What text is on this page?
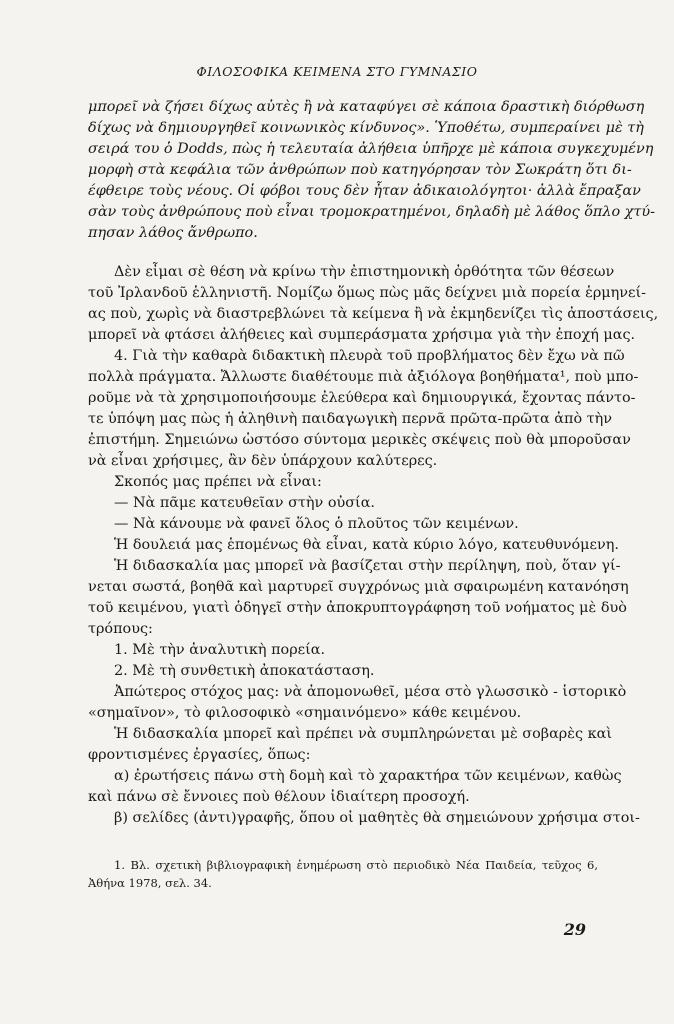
ΦΙΛΟΣΟΦΙΚΑ ΚΕΙΜΕΝΑ ΣΤΟ ΓΥΜΝΑΣΙΟ
μπορεῖ νὰ ζήσει δίχως αὐτὲς ἢ νὰ καταφύγει σὲ κάποια δραστικὴ διόρθωση
δίχως νὰ δημιουργηθεῖ κοινωνικὸς κίνδυνος». Ὑποθέτω, συμπεραίνει μὲ τὴ
σειρά του ὁ Dodds, πὼς ἡ τελευταία ἀλήθεια ὑπῆρχε μὲ κάποια συγκεχυμένη
μορφὴ στὰ κεφάλια τῶν ἀνθρώπων ποὺ κατηγόρησαν τὸν Σωκράτη ὅτι δι-
έφθειρε τοὺς νέους. Οἱ φόβοι τους δὲν ἦταν ἀδικαιολόγητοι· ἀλλὰ ἔπραξαν
σὰν τοὺς ἀνθρώπους ποὺ εἶναι τρομοκρατημένοι, δηλαδὴ μὲ λάθος ὅπλο χτύ-
πησαν λάθος ἄνθρωπο.
Δὲν εἶμαι σὲ θέση νὰ κρίνω τὴν ἐπιστημονικὴ ὀρθότητα τῶν θέσεων
τοῦ Ἰρλανδοῦ ἑλληνιστῆ. Νομίζω ὅμως πὼς μᾶς δείχνει μιὰ πορεία ἑρμηνεί-
ας ποὺ, χωρὶς νὰ διαστρεβλώνει τὰ κείμενα ἢ νὰ ἐκμηδενίζει τὶς ἀποστάσεις,
μπορεῖ νὰ φτάσει ἀλήθειες καὶ συμπεράσματα χρήσιμα γιὰ τὴν ἐποχή μας.
4. Γιὰ τὴν καθαρὰ διδακτικὴ πλευρὰ τοῦ προβλήματος δὲν ἔχω νὰ πῶ
πολλὰ πράγματα. Ἄλλωστε διαθέτουμε πιὰ ἀξιόλογα βοηθήματα¹, ποὺ μπο-
ροῦμε νὰ τὰ χρησιμοποιήσουμε ἐλεύθερα καὶ δημιουργικά, ἔχοντας πάντο-
τε ὑπόψη μας πὼς ἡ ἀληθινὴ παιδαγωγικὴ περνᾶ πρῶτα-πρῶτα ἀπὸ τὴν
ἐπιστήμη. Σημειώνω ὡστόσο σύντομα μερικὲς σκέψεις ποὺ θὰ μποροῦσαν
νὰ εἶναι χρήσιμες, ἂν δὲν ὑπάρχουν καλύτερες.
Σκοπός μας πρέπει νὰ εἶναι:
— Νὰ πᾶμε κατευθεῖαν στὴν οὐσία.
— Νὰ κάνουμε νὰ φανεῖ ὅλος ὁ πλοῦτος τῶν κειμένων.
Ἡ δουλειά μας ἑπομένως θὰ εἶναι, κατὰ κύριο λόγο, κατευθυνόμενη.
Ἡ διδασκαλία μας μπορεῖ νὰ βασίζεται στὴν περίληψη, ποὺ, ὅταν γί-
νεται σωστά, βοηθᾶ καὶ μαρτυρεῖ συγχρόνως μιὰ σφαιρωμένη κατανόηση
τοῦ κειμένου, γιατὶ ὁδηγεῖ στὴν ἀποκρυπτογράφηση τοῦ νοήματος μὲ δυὸ
τρόπους:
1. Μὲ τὴν ἀναλυτικὴ πορεία.
2. Μὲ τὴ συνθετικὴ ἀποκατάσταση.
Ἀπώτερος στόχος μας: νὰ ἀπομονωθεῖ, μέσα στὸ γλωσσικὸ - ἱστορικὸ
«σημαῖνον», τὸ φιλοσοφικὸ «σημαινόμενο» κάθε κειμένου.
Ἡ διδασκαλία μπορεῖ καὶ πρέπει νὰ συμπληρώνεται μὲ σοβαρὲς καὶ
φροντισμένες ἐργασίες, ὅπως:
α) ἐρωτήσεις πάνω στὴ δομὴ καὶ τὸ χαρακτήρα τῶν κειμένων, καθὼς
καὶ πάνω σὲ ἔννοιες ποὺ θέλουν ἰδιαίτερη προσοχή.
β) σελίδες (ἀντι)γραφῆς, ὅπου οἱ μαθητὲς θὰ σημειώνουν χρήσιμα στοι-
1. Βλ. σχετικὴ βιβλιογραφικὴ ἐνημέρωση στὸ περιοδικὸ Νέα Παιδεία, τεῦχος 6,
Ἀθήνα 1978, σελ. 34.
29
